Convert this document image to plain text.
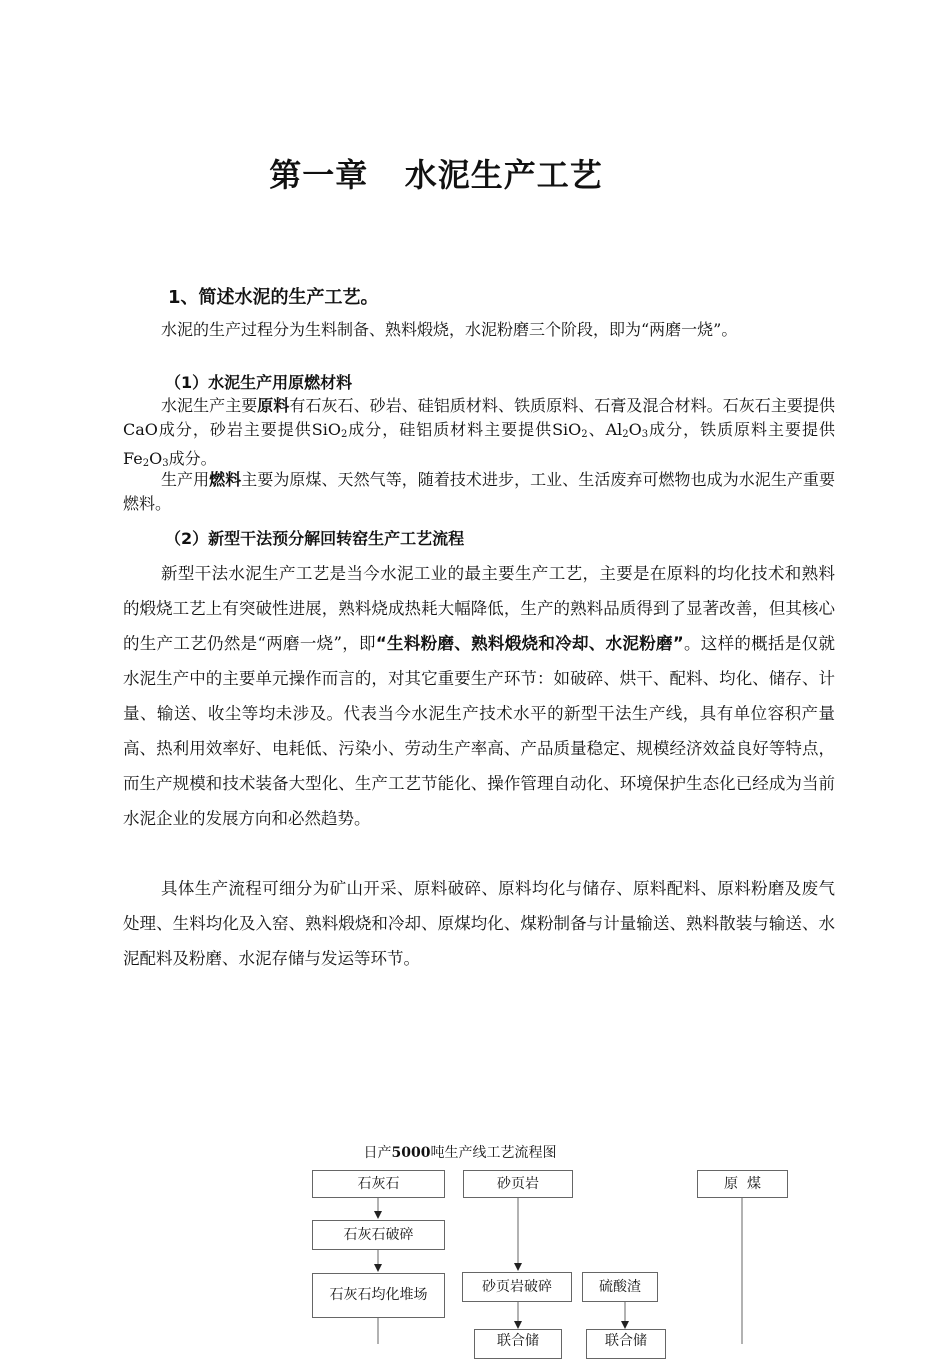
第一章   水泥生产工艺
1、简述水泥的生产工艺。
水泥的生产过程分为生料制备、熟料煅烧，水泥粉磨三个阶段，即为“两磨一烧”。
（1）水泥生产用原燃材料
水泥生产主要原料有石灰石、砂岩、硅铝质材料、铁质原料、石膏及混合材料。石灰石主要提供CaO成分，砂岩主要提供SiO$_2$成分，硅铝质材料主要提供SiO$_2$、$Al_2O_3$成分，铁质原料主要提供$Fe_2O_3$成分。
生产用燃料主要为原煤、天然气等，随着技术进步，工业、生活废弃可燃物也成为水泥生产重要燃料。
（2）新型干法预分解回转窑生产工艺流程
新型干法水泥生产工艺是当今水泥工业的最主要生产工艺，主要是在原料的均化技术和熟料的煅烧工艺上有突破性进展，熟料烧成热耗大幅降低，生产的熟料品质得到了显著改善，但其核心的生产工艺仍然是“两磨一烧”，即“生料粉磨、熟料煅烧和冷却、水泥粉磨”。这样的概括是仅就水泥生产中的主要单元操作而言的，对其它重要生产环节：如破碎、烘干、配料、均化、储存、计量、输送、收尘等均未涉及。代表当今水泥生产技术水平的新型干法生产线，具有单位容积产量高、热利用效率好、电耗低、污染小、劳动生产率高、产品质量稳定、规模经济效益良好等特点，而生产规模和技术装备大型化、生产工艺节能化、操作管理自动化、环境保护生态化已经成为当前水泥企业的发展方向和必然趋势。
具体生产流程可细分为矿山开采、原料破碎、原料均化与储存、原料配料、原料粉磨及废气处理、生料均化及入窑、熟料煅烧和冷却、原煤均化、煤粉制备与计量输送、熟料散装与输送、水泥配料及粉磨、水泥存储与发运等环节。
日产5000吨生产线工艺流程图
石灰石	砂页岩	原  煤
石灰石破碎
石灰石均化堆场
砂页岩破碎	硫酸渣
联合储	联合储
